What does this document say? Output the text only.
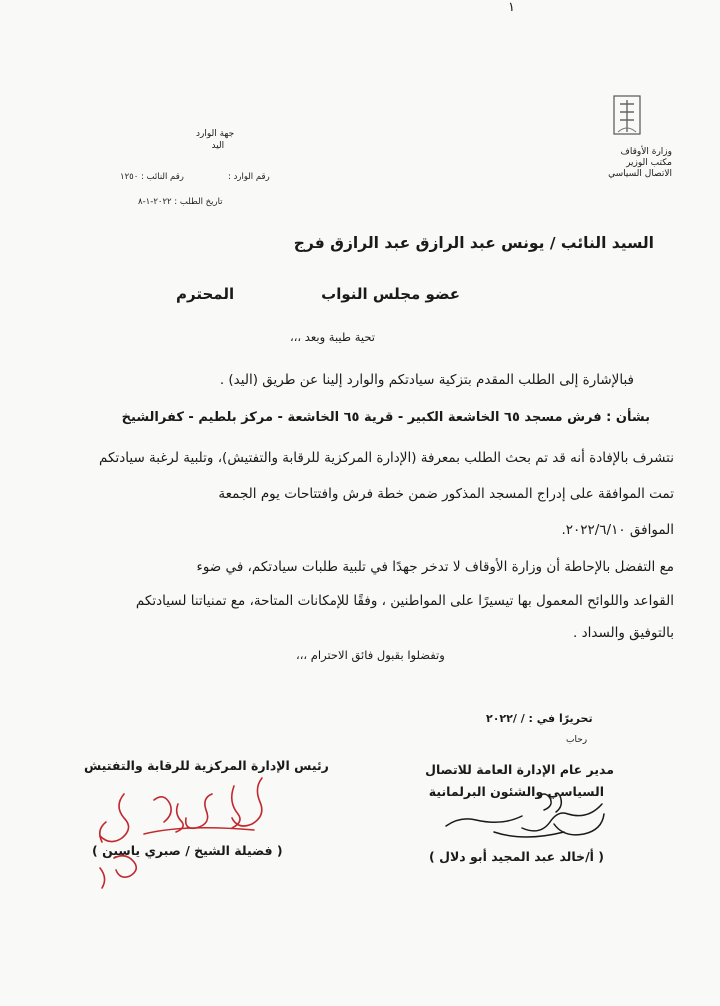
١
وزارة الأوقاف
مكتب الوزير
الاتصال السياسي
جهة الوارد
اليد
رقم الوارد :
رقم النائب : ١٢٥٠
تاريخ الطلب : ٢٠٢٢-١-٨
السيد النائب / يونس عبد الرازق عبد الرازق فرج
عضو مجلس النواب
المحترم
تحية طيبة وبعد ،،،
فبالإشارة إلى الطلب المقدم بتزكية سيادتكم والوارد إلينا عن طريق (اليد) .
بشأن : فرش مسجد ٦٥ الخاشعة الكبير - قرية ٦٥ الخاشعة - مركز بلطيم - كفرالشيخ
نتشرف بالإفادة أنه قد تم بحث الطلب بمعرفة (الإدارة المركزية للرقابة والتفتيش)، وتلبية لرغبة سيادتكم
تمت الموافقة على إدراج المسجد المذكور ضمن خطة فرش وافتتاحات يوم الجمعة
الموافق ٢٠٢٢/٦/١٠.
مع التفضل بالإحاطة أن وزارة الأوقاف لا تدخر جهدًا في تلبية طلبات سيادتكم، في ضوء
القواعد واللوائح المعمول بها تيسيرًا على المواطنين ، وفقًا للإمكانات المتاحة، مع تمنياتنا لسيادتكم
بالتوفيق والسداد .
وتفضلوا بقبول فائق الاحترام ،،،
تحريرًا في : / /٢٠٢٢
رحاب
رئيس الإدارة المركزية للرقابة والتفتيش
( فضيلة الشيخ / صبري ياسين )
مدير عام الإدارة العامة للاتصال
السياسي والشئون البرلمانية
( أ/خالد عبد المجيد أبو دلال )
